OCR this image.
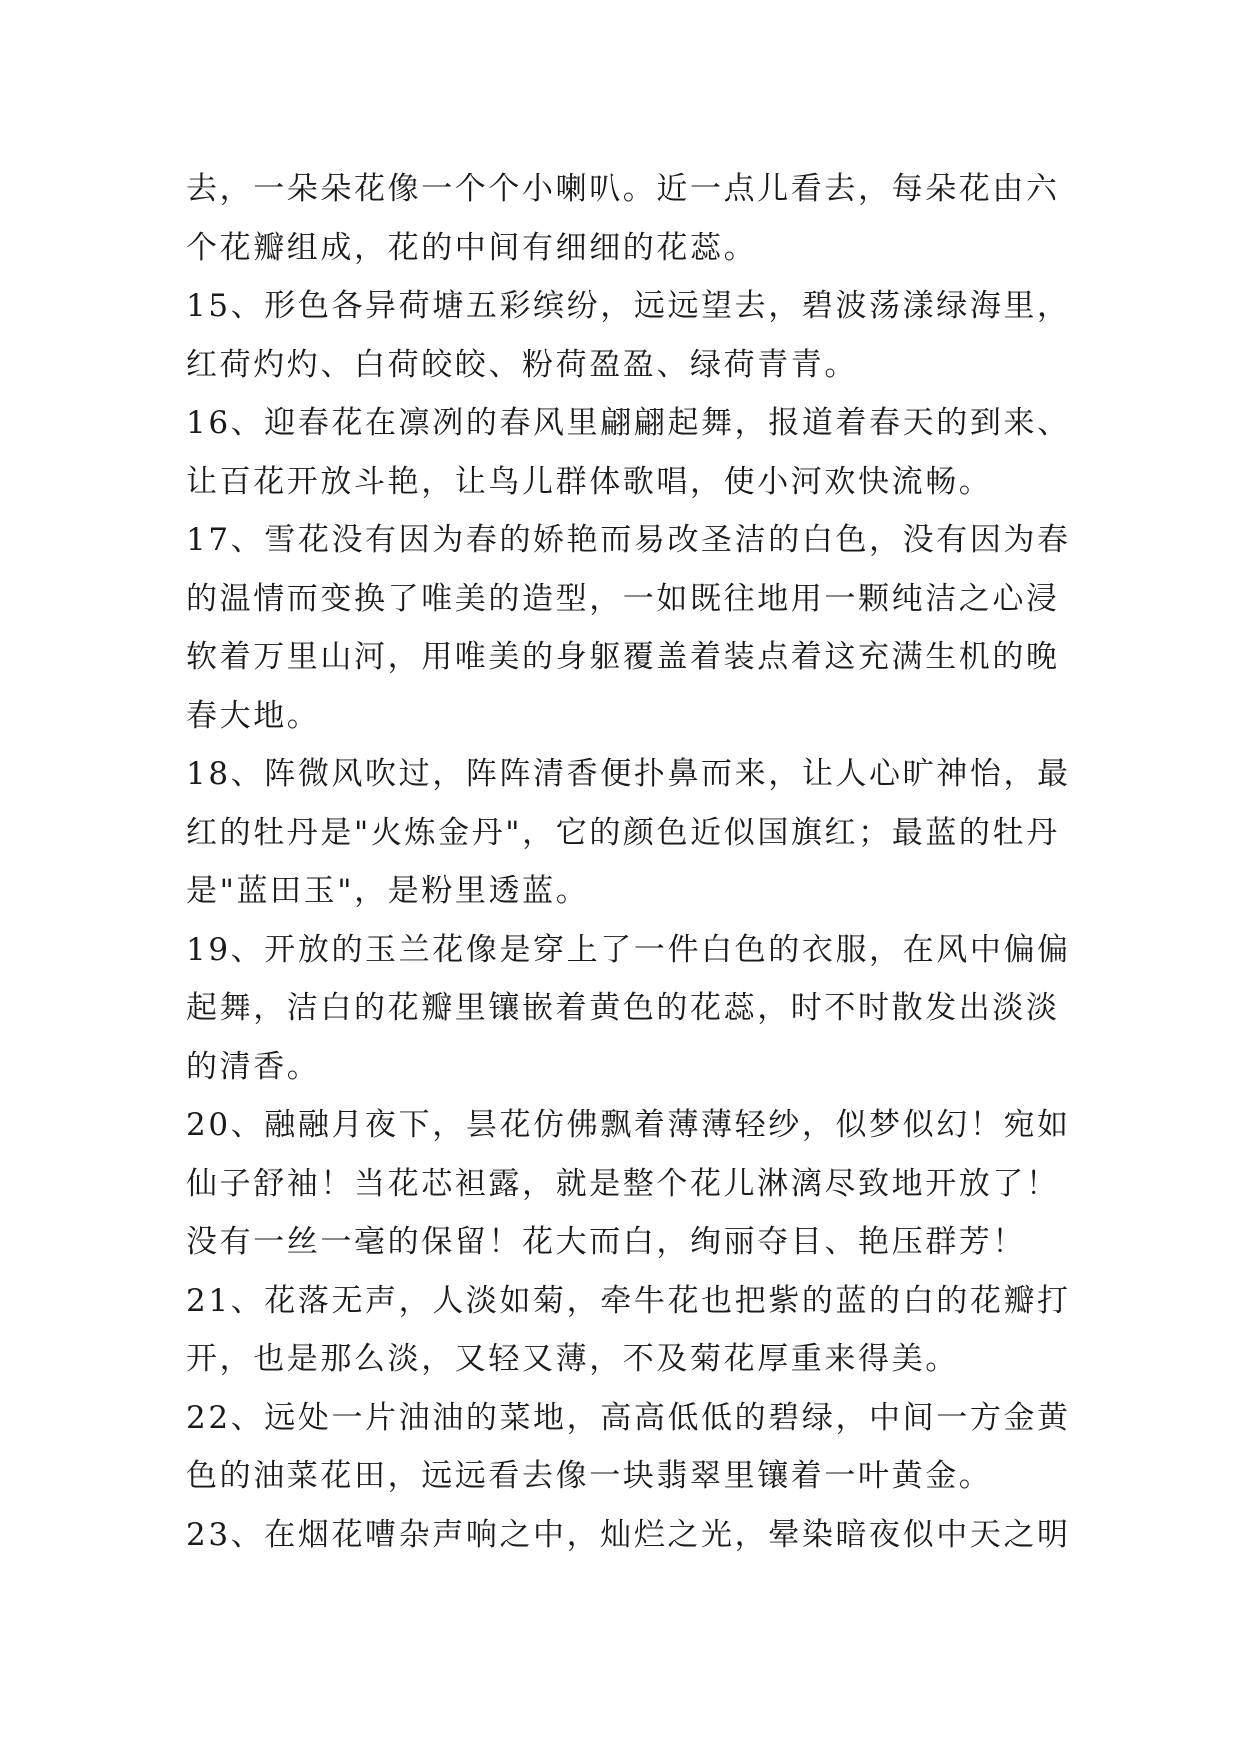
去，一朵朵花像一个个小喇叭。近一点儿看去，每朵花由六
个花瓣组成，花的中间有细细的花蕊。
15、形色各异荷塘五彩缤纷，远远望去，碧波荡漾绿海里，
红荷灼灼、白荷皎皎、粉荷盈盈、绿荷青青。
16、迎春花在凛冽的春风里翩翩起舞，报道着春天的到来、
让百花开放斗艳，让鸟儿群体歌唱，使小河欢快流畅。
17、雪花没有因为春的娇艳而易改圣洁的白色，没有因为春
的温情而变换了唯美的造型，一如既往地用一颗纯洁之心浸
软着万里山河，用唯美的身躯覆盖着装点着这充满生机的晚
春大地。
18、阵微风吹过，阵阵清香便扑鼻而来，让人心旷神怡，最
红的牡丹是"火炼金丹"，它的颜色近似国旗红；最蓝的牡丹
是"蓝田玉"，是粉里透蓝。
19、开放的玉兰花像是穿上了一件白色的衣服，在风中偏偏
起舞，洁白的花瓣里镶嵌着黄色的花蕊，时不时散发出淡淡
的清香。
20、融融月夜下，昙花仿佛飘着薄薄轻纱，似梦似幻！宛如
仙子舒袖！当花芯袒露，就是整个花儿淋漓尽致地开放了！
没有一丝一毫的保留！花大而白，绚丽夺目、艳压群芳！
21、花落无声，人淡如菊，牵牛花也把紫的蓝的白的花瓣打
开，也是那么淡，又轻又薄，不及菊花厚重来得美。
22、远处一片油油的菜地，高高低低的碧绿，中间一方金黄
色的油菜花田，远远看去像一块翡翠里镶着一叶黄金。
23、在烟花嘈杂声响之中，灿烂之光，晕染暗夜似中天之明
